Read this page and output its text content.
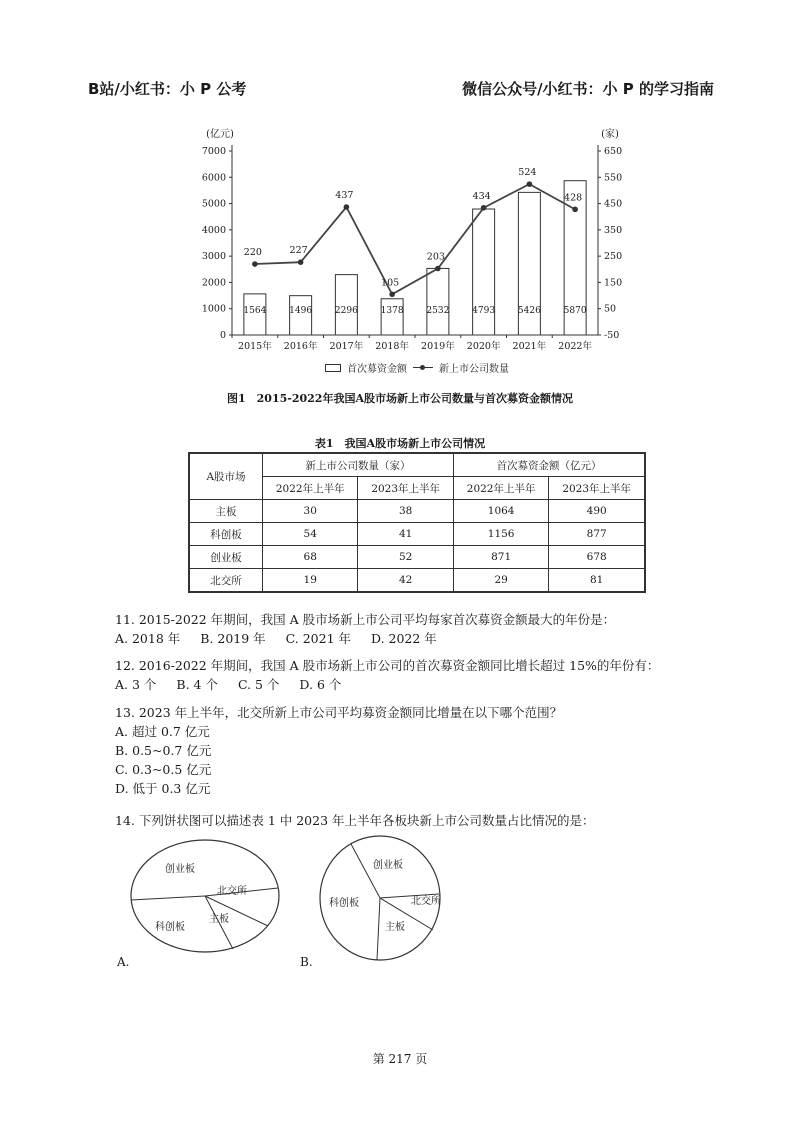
B站/小红书：小 P 公考	微信公众号/小红书：小 P 的学习指南
0
1000
2000
3000
4000
5000
6000
7000
-50
50
150
250
350
450
550
650
(亿元)	(家)
1564
2015年
1496
2016年
2296
2017年
1378
2018年
2532
2019年
4793
2020年
5426
2021年
5870
2022年
220	227
437
105
203
434
524
428
首次募资金额	新上市公司数量
图1　2015-2022年我国A股市场新上市公司数量与首次募资金额情况
表1　我国A股市场新上市公司情况
A股市场	新上市公司数量（家）		首次募资金额（亿元）	
	2022年上半年	2023年上半年	2022年上半年	2023年上半年
主板	30	38	1064	490
科创板	54	41	1156	877
创业板	68	52	871	678
北交所	19	42	29	81
11. 2015-2022 年期间，我国 A 股市场新上市公司平均每家首次募资金额最大的年份是：
A. 2018 年 B. 2019 年 C. 2021 年 D. 2022 年
12. 2016-2022 年期间，我国 A 股市场新上市公司的首次募资金额同比增长超过 15%的年份有：
A. 3 个 B. 4 个 C. 5 个 D. 6 个
13. 2023 年上半年，北交所新上市公司平均募资金额同比增量在以下哪个范围？
A. 超过 0.7 亿元
B. 0.5~0.7 亿元
C. 0.3~0.5 亿元
D. 低于 0.3 亿元
14. 下列饼状图可以描述表 1 中 2023 年上半年各板块新上市公司数量占比情况的是：
创业板
北交所
主板
科创板
A.
创业板
北交所
主板
科创板
B.
第 217 页
